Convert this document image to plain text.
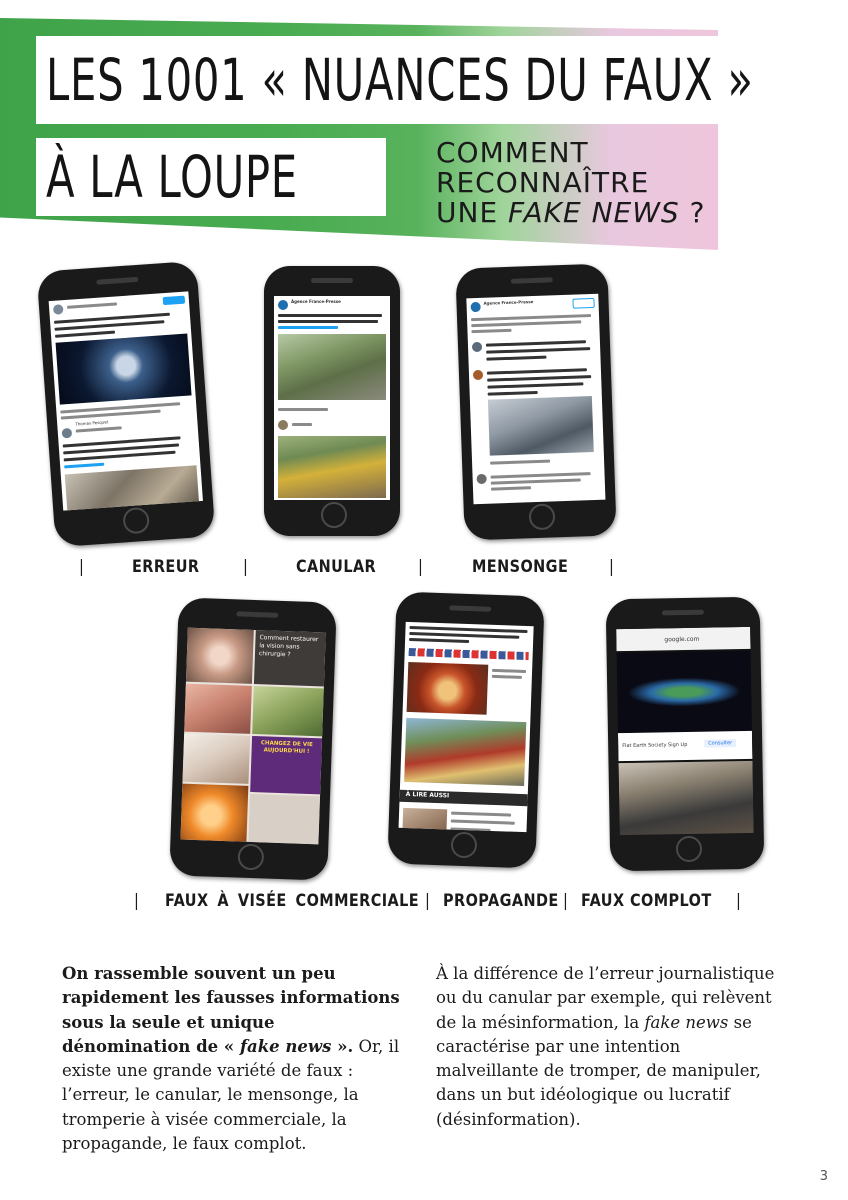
LES 1001 « NUANCES DU FAUX »
À LA LOUPE	COMMENT
RECONNAÎTRE
UNE FAKE NEWS ?
Thomas Pesquet
Agence France-Presse	Agence France-Presse
|	ERREUR	|	CANULAR |	MENSONGE |
Comment restaurer la vision sans chirurgie ?
CHANGEZ DE VIE AUJOURD'HUI !
À LIRE AUSSI
google.com
Flat Earth Society Sign Up	Consulter
| FAUX À VISÉE COMMERCIALE | PROPAGANDE | FAUX COMPLOT |

On rassemble souvent un peu rapidement les fausses informations sous la seule et unique dénomination de « fake news ». Or, il existe une grande variété de faux : l’erreur, le canular, le mensonge, la tromperie à visée commerciale, la propagande, le faux complot.

À la différence de l’erreur journalistique ou du canular par exemple, qui relèvent de la mésinformation, la fake news se caractérise par une intention malveillante de tromper, de manipuler, dans un but idéologique ou lucratif (désinformation).

3
